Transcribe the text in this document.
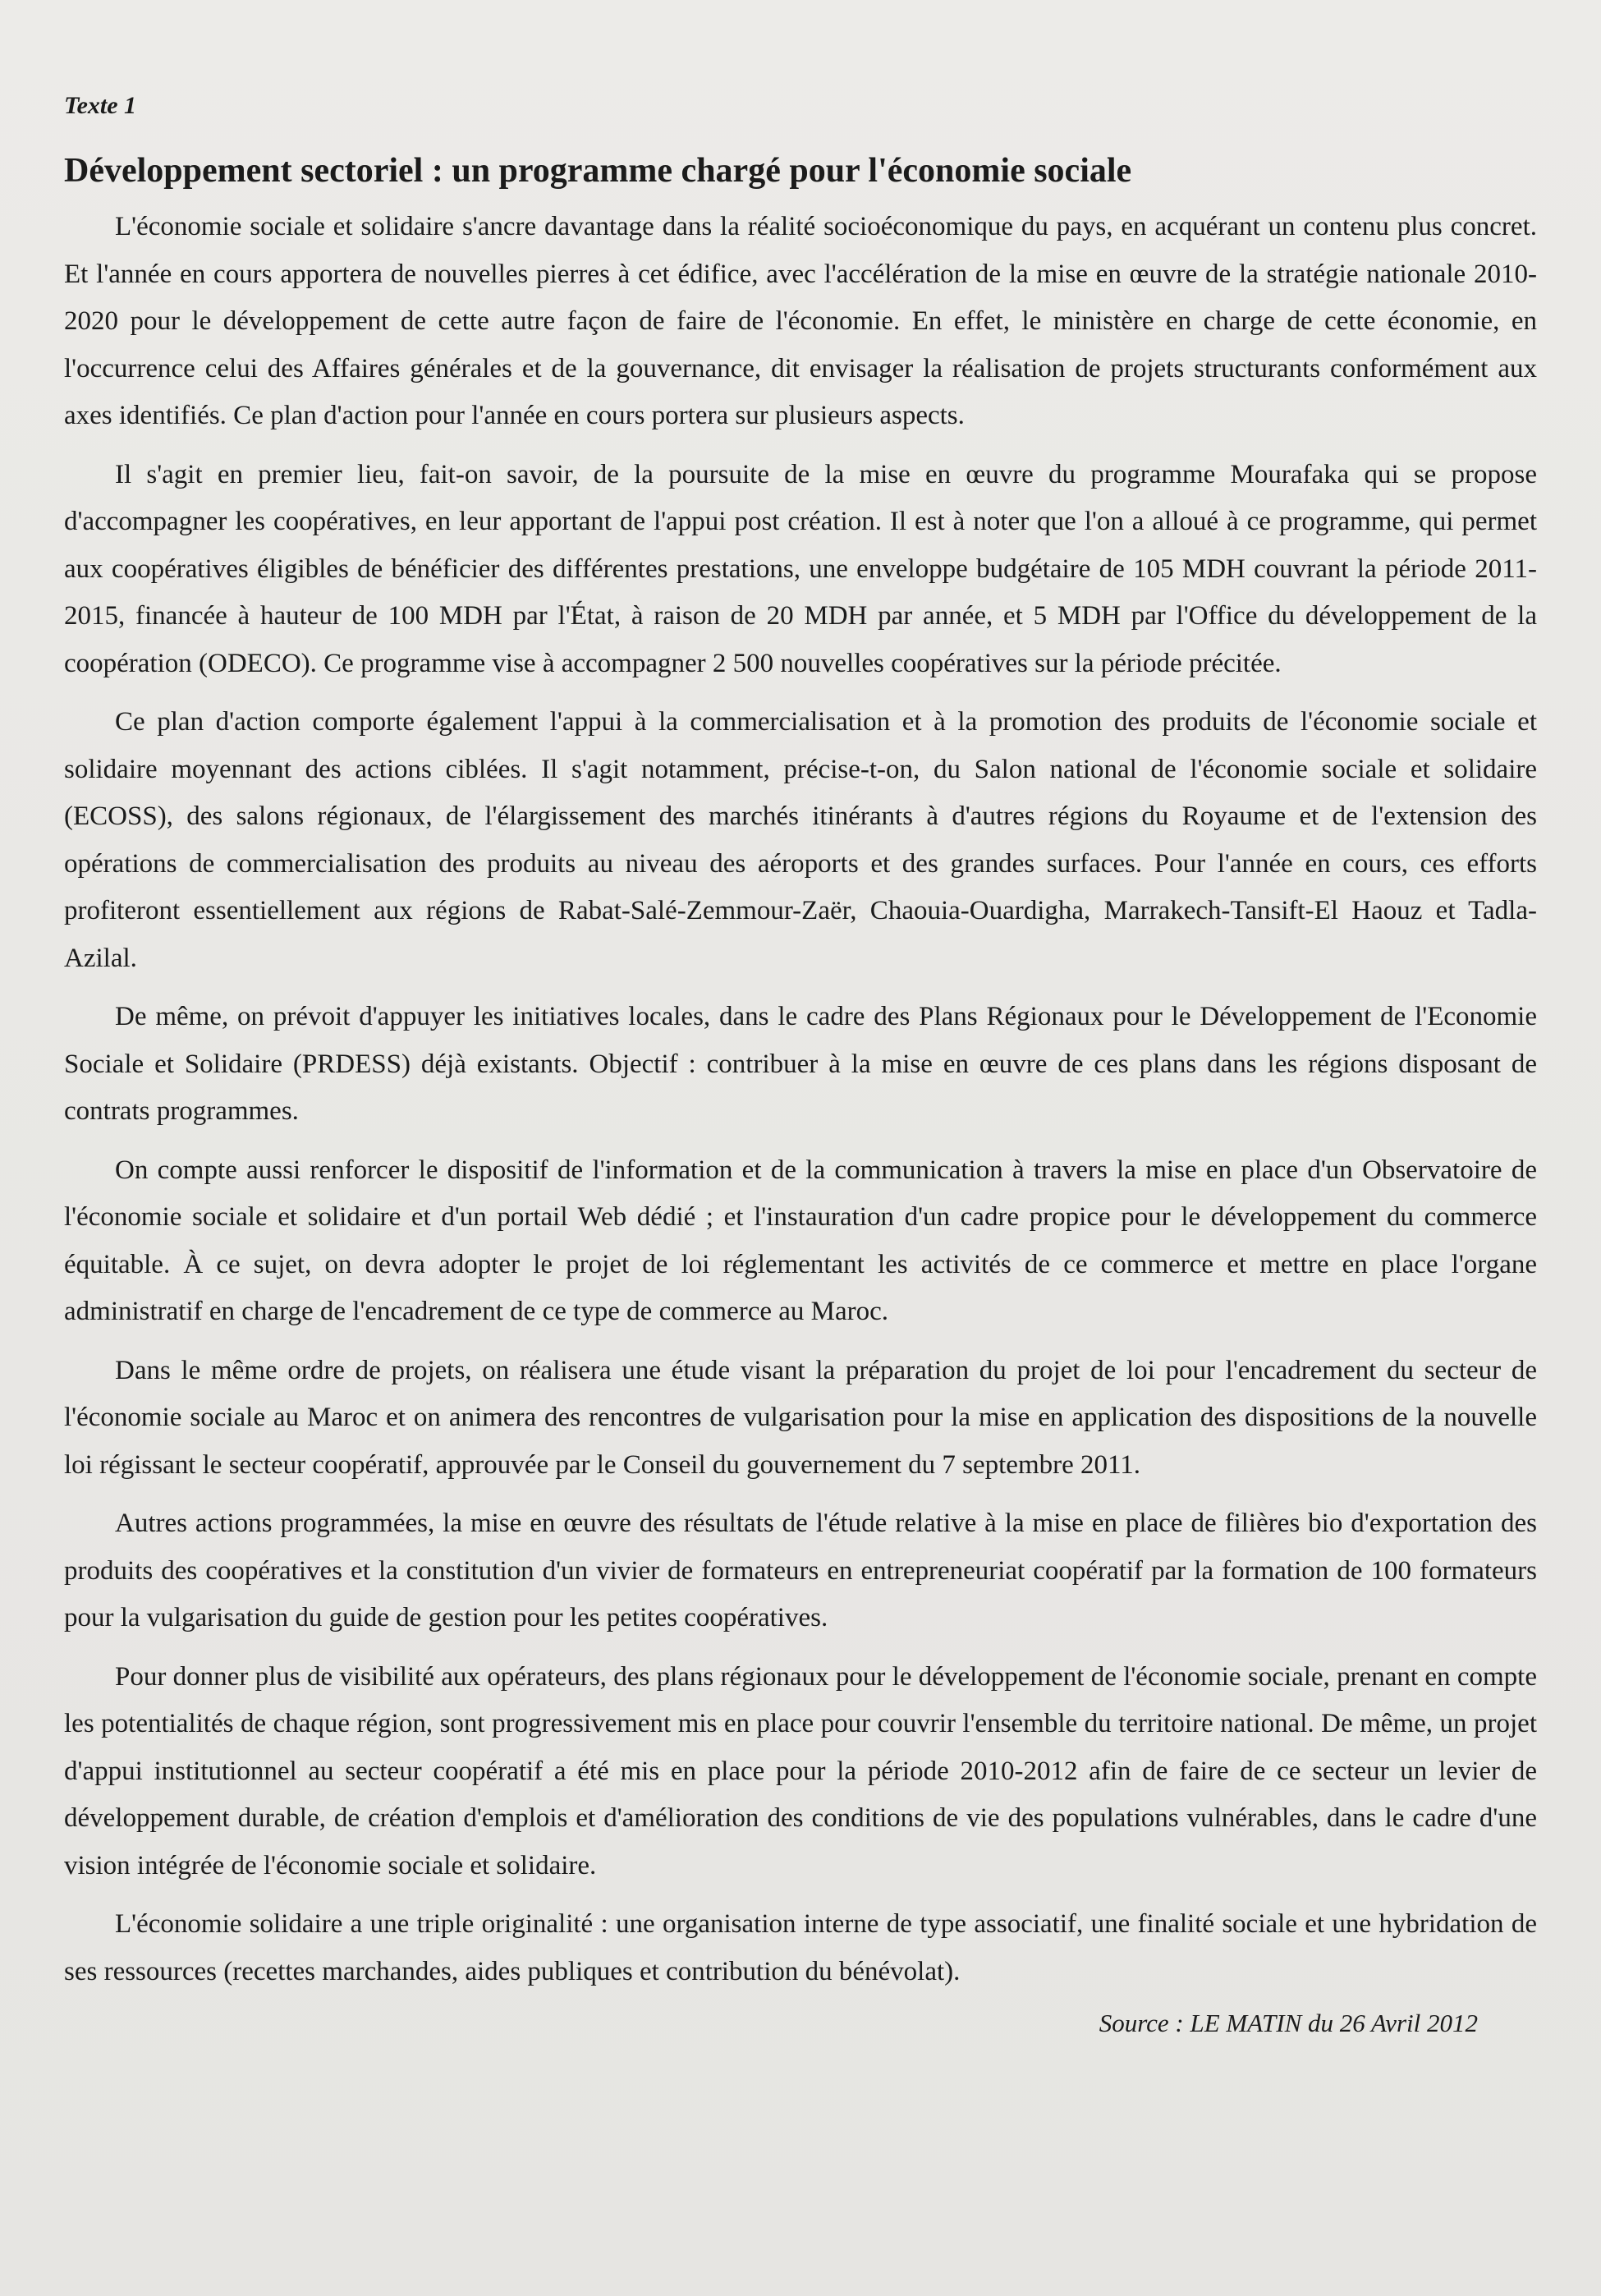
Texte 1
Développement sectoriel : un programme chargé pour l'économie sociale

L'économie sociale et solidaire s'ancre davantage dans la réalité socioéconomique du pays, en acquérant un contenu plus concret. Et l'année en cours apportera de nouvelles pierres à cet édifice, avec l'accélération de la mise en œuvre de la stratégie nationale 2010-2020 pour le développement de cette autre façon de faire de l'économie. En effet, le ministère en charge de cette économie, en l'occurrence celui des Affaires générales et de la gouvernance, dit envisager la réalisation de projets structurants conformément aux axes identifiés. Ce plan d'action pour l'année en cours portera sur plusieurs aspects.

Il s'agit en premier lieu, fait-on savoir, de la poursuite de la mise en œuvre du programme Mourafaka qui se propose d'accompagner les coopératives, en leur apportant de l'appui post création. Il est à noter que l'on a alloué à ce programme, qui permet aux coopératives éligibles de bénéficier des différentes prestations, une enveloppe budgétaire de 105 MDH couvrant la période 2011-2015, financée à hauteur de 100 MDH par l'État, à raison de 20 MDH par année, et 5 MDH par l'Office du développement de la coopération (ODECO). Ce programme vise à accompagner 2 500 nouvelles coopératives sur la période précitée.

Ce plan d'action comporte également l'appui à la commercialisation et à la promotion des produits de l'économie sociale et solidaire moyennant des actions ciblées. Il s'agit notamment, précise-t-on, du Salon national de l'économie sociale et solidaire (ECOSS), des salons régionaux, de l'élargissement des marchés itinérants à d'autres régions du Royaume et de l'extension des opérations de commercialisation des produits au niveau des aéroports et des grandes surfaces. Pour l'année en cours, ces efforts profiteront essentiellement aux régions de Rabat-Salé-Zemmour-Zaër, Chaouia-Ouardigha, Marrakech-Tansift-El Haouz et Tadla-Azilal.

De même, on prévoit d'appuyer les initiatives locales, dans le cadre des Plans Régionaux pour le Développement de l'Economie Sociale et Solidaire (PRDESS) déjà existants. Objectif : contribuer à la mise en œuvre de ces plans dans les régions disposant de contrats programmes.

On compte aussi renforcer le dispositif de l'information et de la communication à travers la mise en place d'un Observatoire de l'économie sociale et solidaire et d'un portail Web dédié ; et l'instauration d'un cadre propice pour le développement du commerce équitable. À ce sujet, on devra adopter le projet de loi réglementant les activités de ce commerce et mettre en place l'organe administratif en charge de l'encadrement de ce type de commerce au Maroc.

Dans le même ordre de projets, on réalisera une étude visant la préparation du projet de loi pour l'encadrement du secteur de l'économie sociale au Maroc et on animera des rencontres de vulgarisation pour la mise en application des dispositions de la nouvelle loi régissant le secteur coopératif, approuvée par le Conseil du gouvernement du 7 septembre 2011.

Autres actions programmées, la mise en œuvre des résultats de l'étude relative à la mise en place de filières bio d'exportation des produits des coopératives et la constitution d'un vivier de formateurs en entrepreneuriat coopératif par la formation de 100 formateurs pour la vulgarisation du guide de gestion pour les petites coopératives.

Pour donner plus de visibilité aux opérateurs, des plans régionaux pour le développement de l'économie sociale, prenant en compte les potentialités de chaque région, sont progressivement mis en place pour couvrir l'ensemble du territoire national. De même, un projet d'appui institutionnel au secteur coopératif a été mis en place pour la période 2010-2012 afin de faire de ce secteur un levier de développement durable, de création d'emplois et d'amélioration des conditions de vie des populations vulnérables, dans le cadre d'une vision intégrée de l'économie sociale et solidaire.

L'économie solidaire a une triple originalité : une organisation interne de type associatif, une finalité sociale et une hybridation de ses ressources (recettes marchandes, aides publiques et contribution du bénévolat).

Source : LE MATIN du 26 Avril 2012
